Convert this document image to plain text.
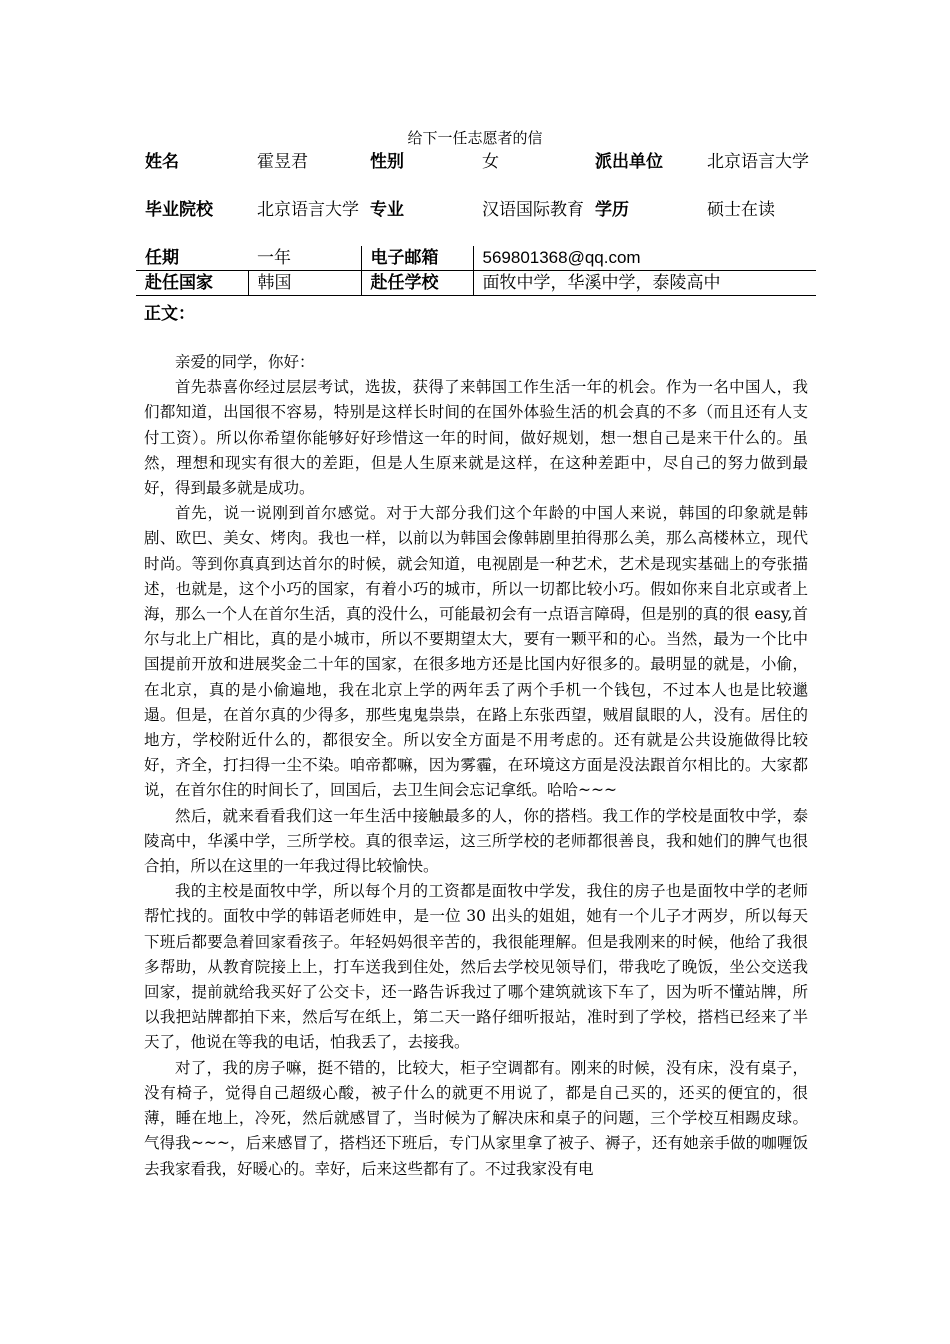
给下一任志愿者的信
姓名	霍昱君	性别	女	派出单位	北京语言大学
毕业院校	北京语言大学	专业	汉语国际教育	学历	硕士在读
任期	一年	电子邮箱	569801368@qq.com		
赴任国家	韩国	赴任学校	面牧中学，华溪中学，泰陵高中		
正文：

亲爱的同学，你好：

首先恭喜你经过层层考试，选拔，获得了来韩国工作生活一年的机会。作为一名中国人，我们都知道，出国很不容易，特别是这样长时间的在国外体验生活的机会真的不多（而且还有人支付工资）。所以你希望你能够好好珍惜这一年的时间，做好规划，想一想自己是来干什么的。虽然，理想和现实有很大的差距，但是人生原来就是这样，在这种差距中，尽自己的努力做到最好，得到最多就是成功。

首先，说一说刚到首尔感觉。对于大部分我们这个年龄的中国人来说，韩国的印象就是韩剧、欧巴、美女、烤肉。我也一样，以前以为韩国会像韩剧里拍得那么美，那么高楼林立，现代时尚。等到你真真到达首尔的时候，就会知道，电视剧是一种艺术，艺术是现实基础上的夸张描述，也就是，这个小巧的国家，有着小巧的城市，所以一切都比较小巧。假如你来自北京或者上海，那么一个人在首尔生活，真的没什么，可能最初会有一点语言障碍，但是别的真的很 easy,首尔与北上广相比，真的是小城市，所以不要期望太大，要有一颗平和的心。当然，最为一个比中国提前开放和进展奖金二十年的国家，在很多地方还是比国内好很多的。最明显的就是，小偷，在北京，真的是小偷遍地，我在北京上学的两年丢了两个手机一个钱包，不过本人也是比较邋遢。但是，在首尔真的少得多，那些鬼鬼祟祟，在路上东张西望，贼眉鼠眼的人，没有。居住的地方，学校附近什么的，都很安全。所以安全方面是不用考虑的。还有就是公共设施做得比较好，齐全，打扫得一尘不染。咱帝都嘛，因为雾霾，在环境这方面是没法跟首尔相比的。大家都说，在首尔住的时间长了，回国后，去卫生间会忘记拿纸。哈哈~~~

然后，就来看看我们这一年生活中接触最多的人，你的搭档。我工作的学校是面牧中学，泰陵高中，华溪中学，三所学校。真的很幸运，这三所学校的老师都很善良，我和她们的脾气也很合拍，所以在这里的一年我过得比较愉快。

我的主校是面牧中学，所以每个月的工资都是面牧中学发，我住的房子也是面牧中学的老师帮忙找的。面牧中学的韩语老师姓申，是一位 30 出头的姐姐，她有一个儿子才两岁，所以每天下班后都要急着回家看孩子。年轻妈妈很辛苦的，我很能理解。但是我刚来的时候，他给了我很多帮助，从教育院接上上，打车送我到住处，然后去学校见领导们，带我吃了晚饭，坐公交送我回家，提前就给我买好了公交卡，还一路告诉我过了哪个建筑就该下车了，因为听不懂站牌，所以我把站牌都拍下来，然后写在纸上，第二天一路仔细听报站，准时到了学校，搭档已经来了半天了，他说在等我的电话，怕我丢了，去接我。

对了，我的房子嘛，挺不错的，比较大，柜子空调都有。刚来的时候，没有床，没有桌子，没有椅子，觉得自己超级心酸，被子什么的就更不用说了，都是自己买的，还买的便宜的，很薄，睡在地上，冷死，然后就感冒了，当时候为了解决床和桌子的问题，三个学校互相踢皮球。气得我~~~，后来感冒了，搭档还下班后，专门从家里拿了被子、褥子，还有她亲手做的咖喱饭去我家看我，好暖心的。幸好，后来这些都有了。不过我家没有电
